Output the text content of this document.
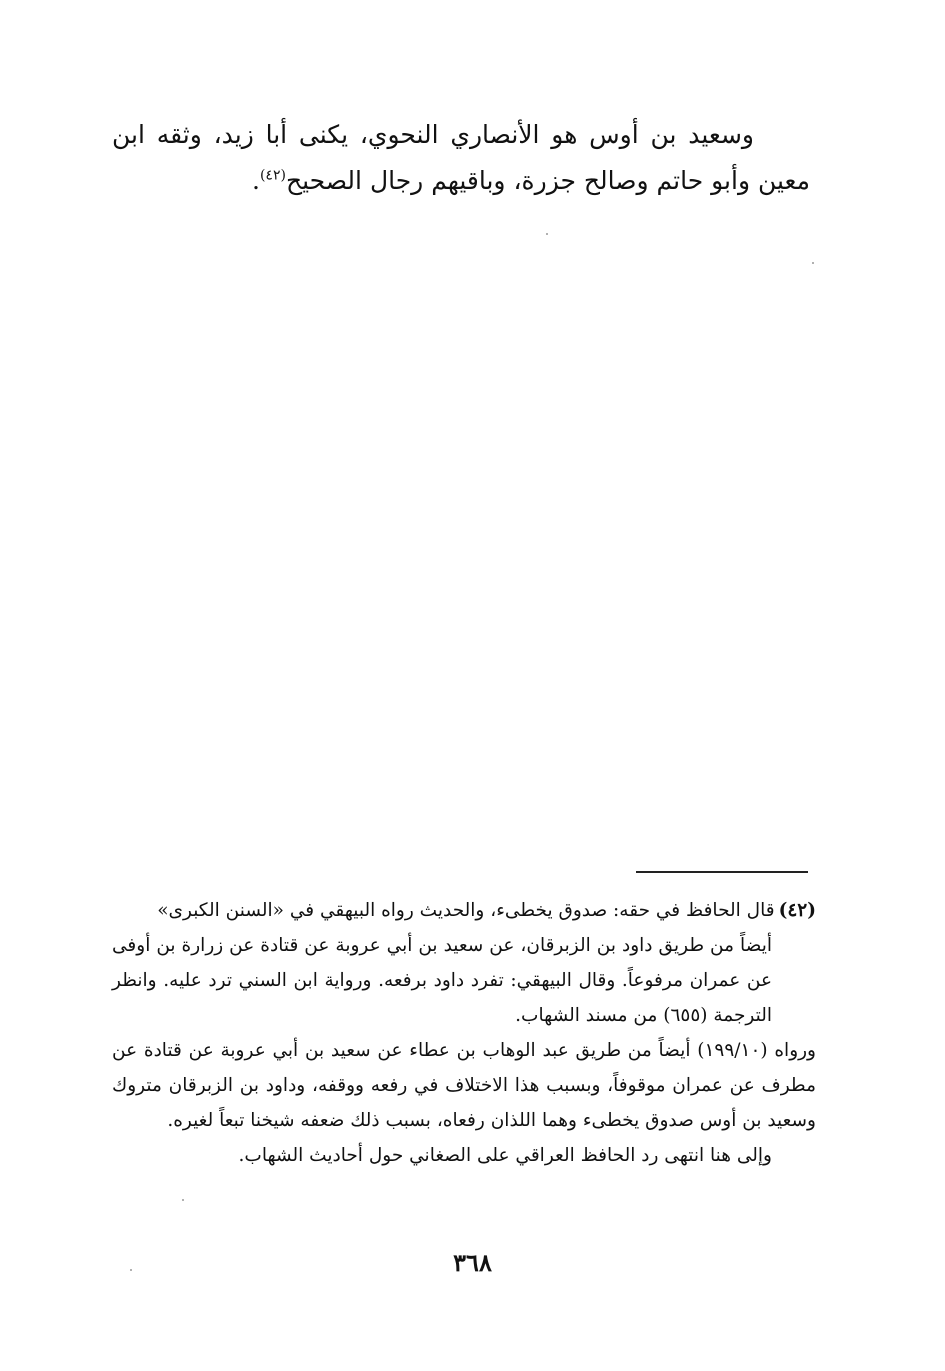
وسعيد بن أوس هو الأنصاري النحوي، يكنى أبا زيد، وثقه ابن معين وأبو حاتم وصالح جزرة، وباقيهم رجال الصحيح$^{(٤٢)}$.

(٤٢)قال الحافظ في حقه: صدوق يخطىء، والحديث رواه البيهقي في «السنن الكبرى»
أيضاً من طريق داود بن الزبرقان، عن سعيد بن أبي عروبة عن قتادة عن زرارة بن أوفى عن عمران مرفوعاً. وقال البيهقي: تفرد داود برفعه. ورواية ابن السني ترد عليه. وانظر الترجمة (٦٥٥) من مسند الشهاب.

ورواه (١٩٩/١٠) أيضاً من طريق عبد الوهاب بن عطاء عن سعيد بن أبي عروبة عن قتادة عن مطرف عن عمران موقوفاً، وبسبب هذا الاختلاف في رفعه ووقفه، وداود بن الزبرقان متروك وسعيد بن أوس صدوق يخطىء وهما اللذان رفعاه، بسبب ذلك ضعفه شيخنا تبعاً لغيره.

وإلى هنا انتهى رد الحافظ العراقي على الصغاني حول أحاديث الشهاب.

٣٦٨
